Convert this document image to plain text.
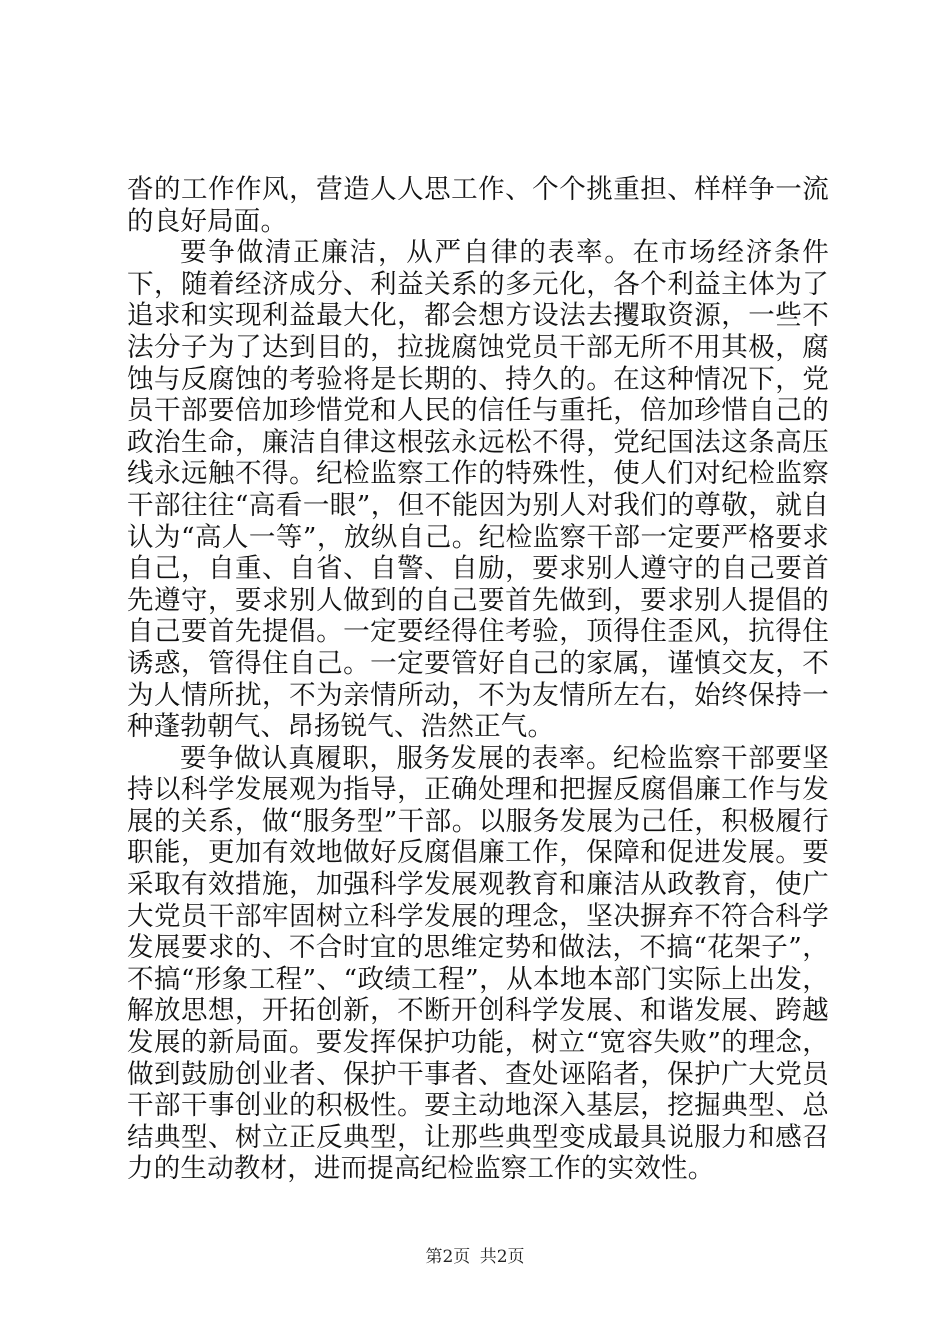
沓的工作作风，营造人人思工作、个个挑重担、样样争一流的良好局面。

要争做清正廉洁，从严自律的表率。在市场经济条件下，随着经济成分、利益关系的多元化，各个利益主体为了追求和实现利益最大化，都会想方设法去攫取资源，一些不法分子为了达到目的，拉拢腐蚀党员干部无所不用其极，腐蚀与反腐蚀的考验将是长期的、持久的。在这种情况下，党员干部要倍加珍惜党和人民的信任与重托，倍加珍惜自己的政治生命，廉洁自律这根弦永远松不得，党纪国法这条高压线永远触不得。纪检监察工作的特殊性，使人们对纪检监察干部往往“高看一眼”，但不能因为别人对我们的尊敬，就自认为“高人一等”，放纵自己。纪检监察干部一定要严格要求自己，自重、自省、自警、自励，要求别人遵守的自己要首先遵守，要求别人做到的自己要首先做到，要求别人提倡的自己要首先提倡。一定要经得住考验，顶得住歪风，抗得住诱惑，管得住自己。一定要管好自己的家属，谨慎交友，不为人情所扰，不为亲情所动，不为友情所左右，始终保持一种蓬勃朝气、昂扬锐气、浩然正气。

要争做认真履职，服务发展的表率。纪检监察干部要坚持以科学发展观为指导，正确处理和把握反腐倡廉工作与发展的关系，做“服务型”干部。以服务发展为己任，积极履行职能，更加有效地做好反腐倡廉工作，保障和促进发展。要采取有效措施，加强科学发展观教育和廉洁从政教育，使广大党员干部牢固树立科学发展的理念，坚决摒弃不符合科学发展要求的、不合时宜的思维定势和做法，不搞“花架子”，不搞“形象工程”、“政绩工程”，从本地本部门实际上出发，解放思想，开拓创新，不断开创科学发展、和谐发展、跨越发展的新局面。要发挥保护功能，树立“宽容失败”的理念，做到鼓励创业者、保护干事者、查处诬陷者，保护广大党员干部干事创业的积极性。要主动地深入基层，挖掘典型、总结典型、树立正反典型，让那些典型变成最具说服力和感召力的生动教材，进而提高纪检监察工作的实效性。

第2页 共2页
